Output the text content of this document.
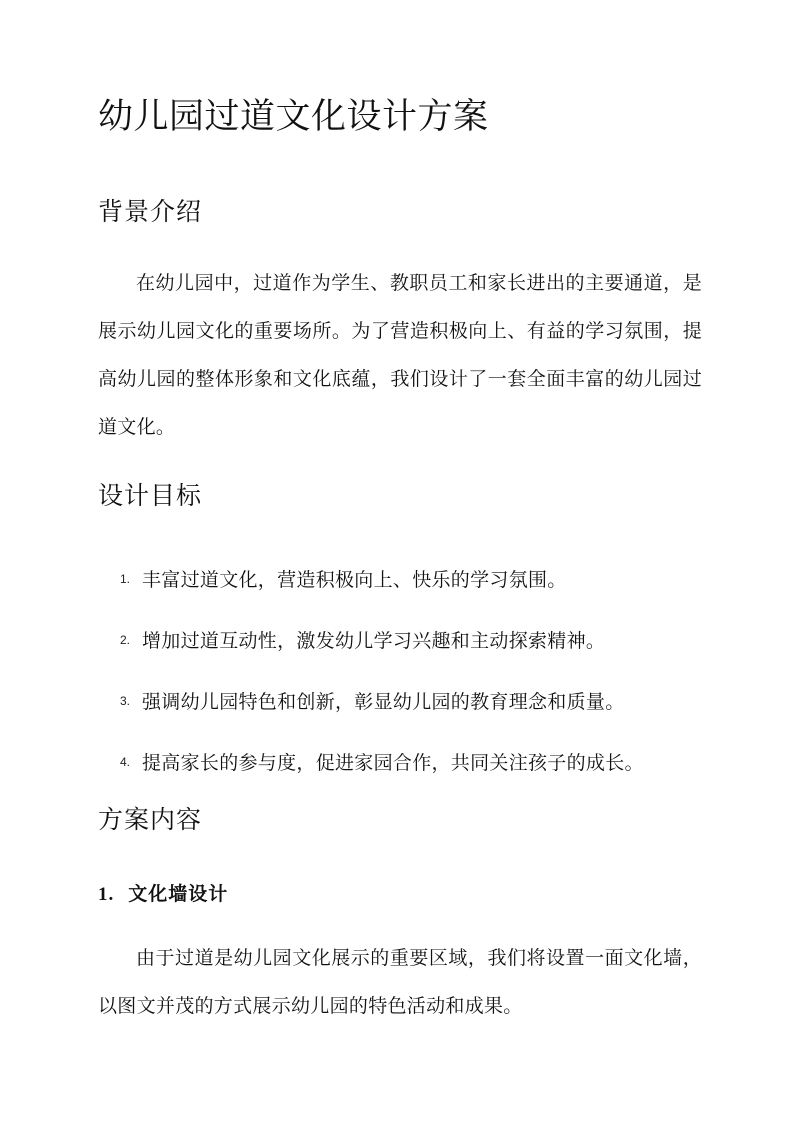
幼儿园过道文化设计方案
背景介绍

在幼儿园中，过道作为学生、教职员工和家长进出的主要通道，是展示幼儿园文化的重要场所。为了营造积极向上、有益的学习氛围，提高幼儿园的整体形象和文化底蕴，我们设计了一套全面丰富的幼儿园过道文化。

设计目标
1. 丰富过道文化，营造积极向上、快乐的学习氛围。
2. 增加过道互动性，激发幼儿学习兴趣和主动探索精神。
3. 强调幼儿园特色和创新，彰显幼儿园的教育理念和质量。
4. 提高家长的参与度，促进家园合作，共同关注孩子的成长。
方案内容
1. 文化墙设计

由于过道是幼儿园文化展示的重要区域，我们将设置一面文化墙，以图文并茂的方式展示幼儿园的特色活动和成果。
